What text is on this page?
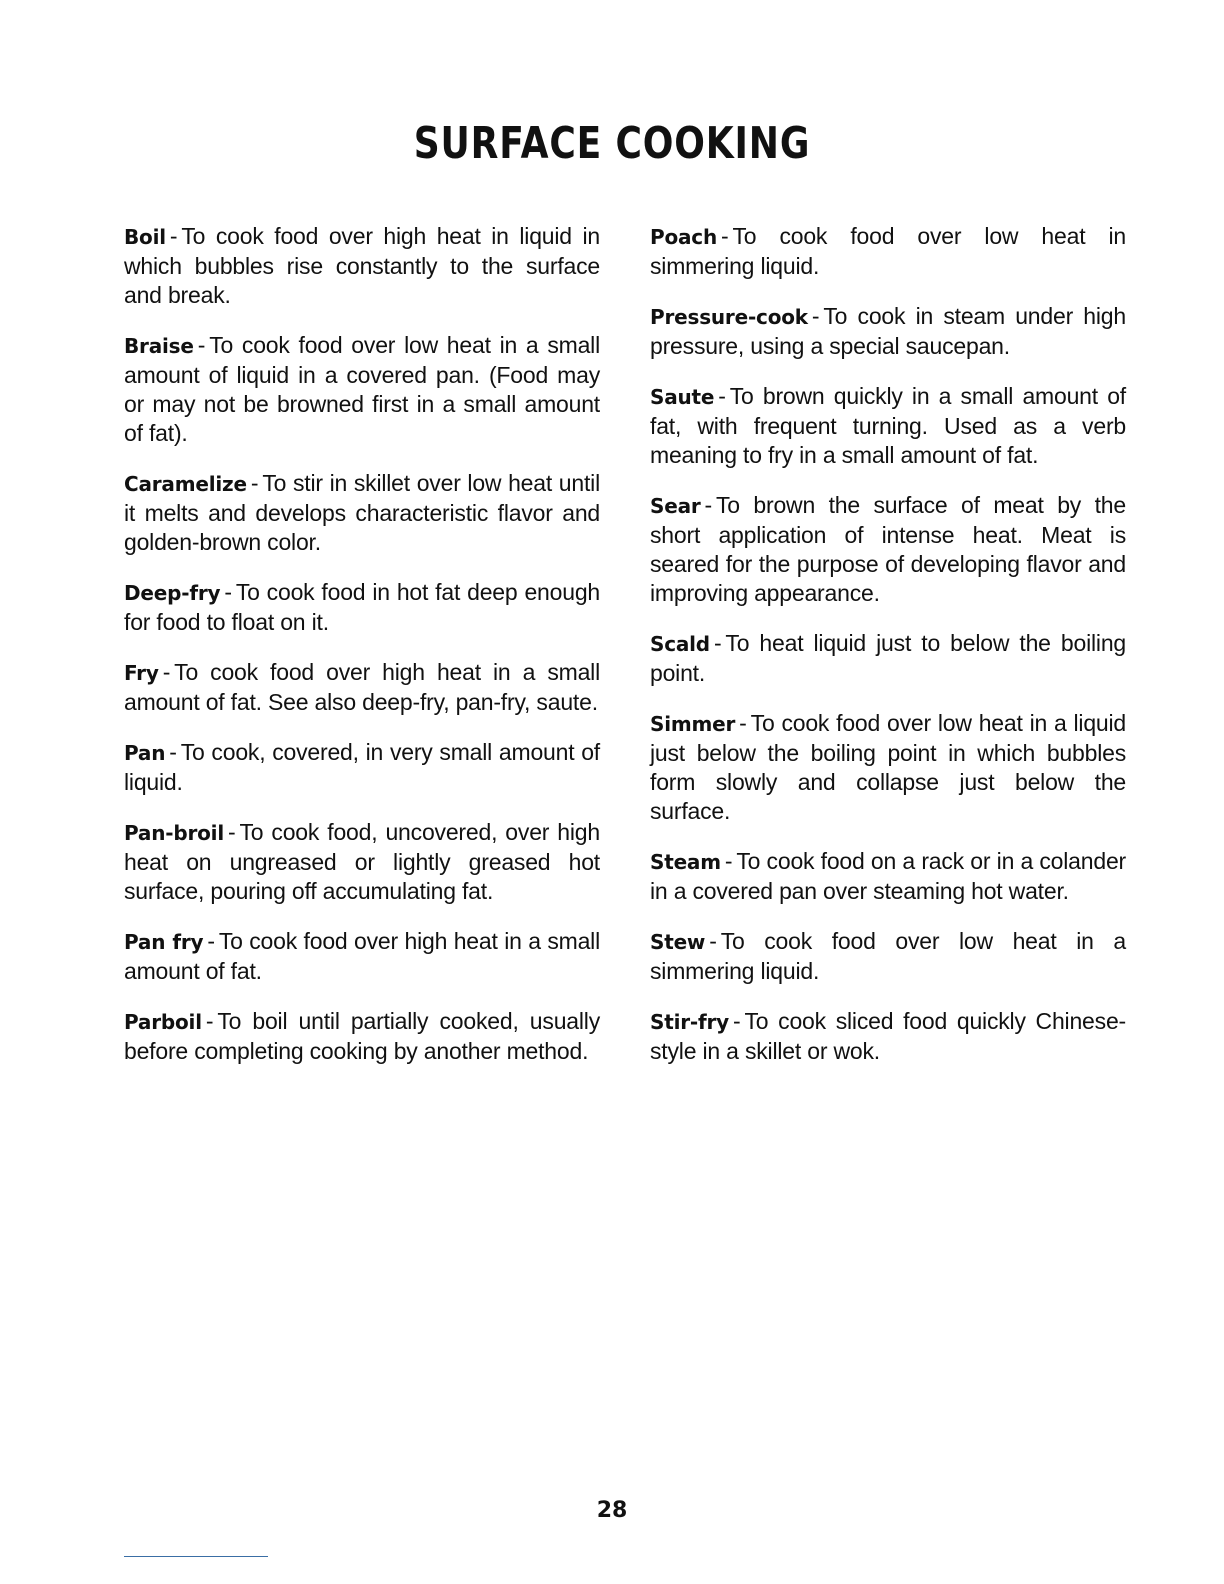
SURFACE COOKING

Boil - To cook food over high heat in liquid in which bubbles rise constantly to the surface and break.

Braise - To cook food over low heat in a small amount of liquid in a covered pan. (Food may or may not be browned first in a small amount of fat).

Caramelize - To stir in skillet over low heat until it melts and develops characteristic flavor and golden-brown color.

Deep-fry - To cook food in hot fat deep enough for food to float on it.

Fry - To cook food over high heat in a small amount of fat. See also deep-fry, pan-fry, saute.

Pan - To cook, covered, in very small amount of liquid.

Pan-broil - To cook food, uncovered, over high heat on ungreased or lightly greased hot surface, pouring off accumulating fat.

Pan fry - To cook food over high heat in a small amount of fat.

Parboil - To boil until partially cooked, usually before completing cooking by another method.

Poach - To cook food over low heat in simmering liquid.

Pressure-cook - To cook in steam under high pressure, using a special saucepan.

Saute - To brown quickly in a small amount of fat, with frequent turning. Used as a verb meaning to fry in a small amount of fat.

Sear - To brown the surface of meat by the short application of intense heat. Meat is seared for the purpose of developing flavor and improving appearance.

Scald - To heat liquid just to below the boiling point.

Simmer - To cook food over low heat in a liquid just below the boiling point in which bubbles form slowly and collapse just below the surface.

Steam - To cook food on a rack or in a colander in a covered pan over steaming hot water.

Stew - To cook food over low heat in a simmering liquid.

Stir-fry - To cook sliced food quickly Chinese-style in a skillet or wok.

28
